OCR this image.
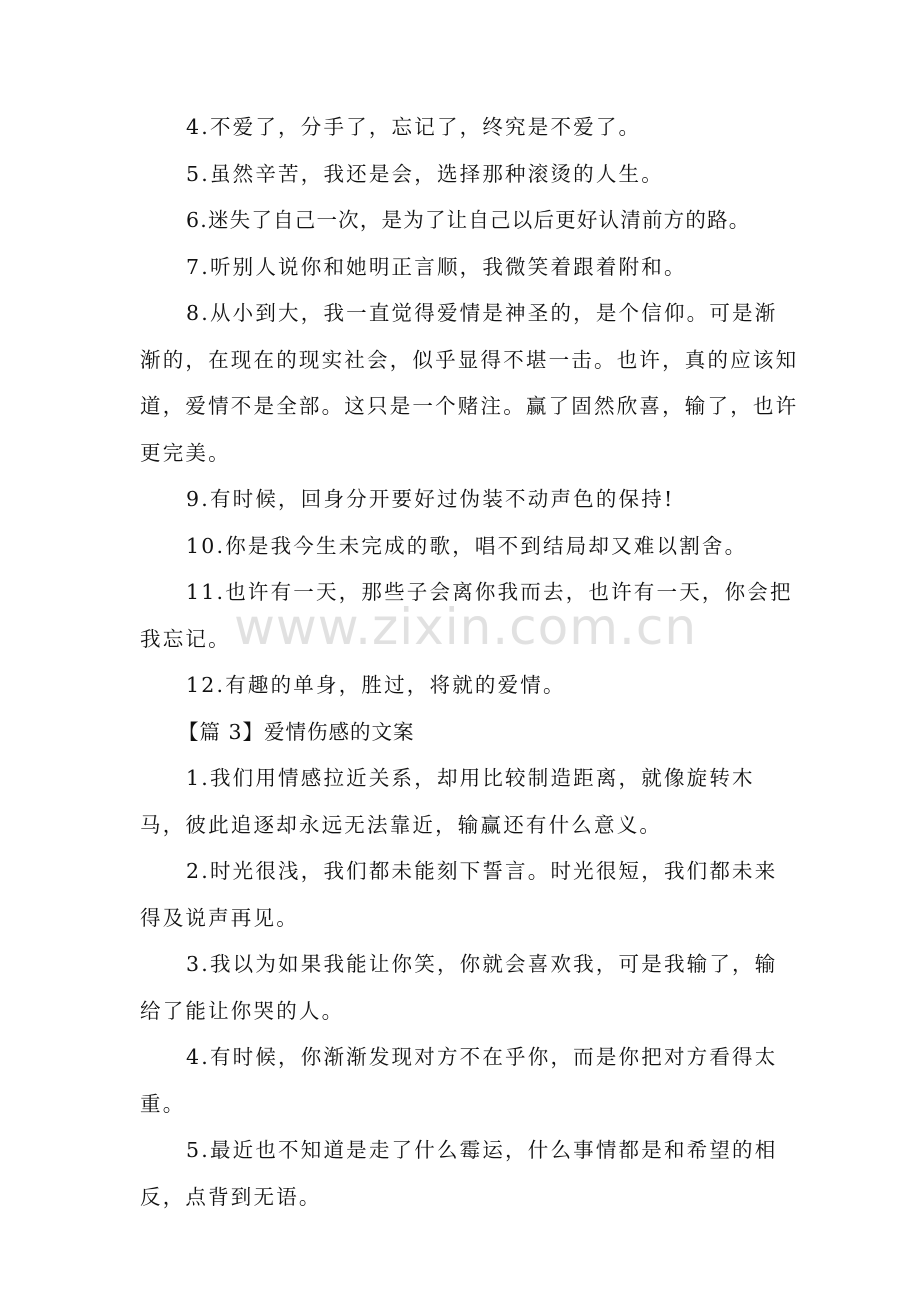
4.不爱了，分手了，忘记了，终究是不爱了。

5.虽然辛苦，我还是会，选择那种滚烫的人生。

6.迷失了自己一次，是为了让自己以后更好认清前方的路。

7.听别人说你和她明正言顺，我微笑着跟着附和。

8.从小到大，我一直觉得爱情是神圣的，是个信仰。可是渐渐的，在现在的现实社会，似乎显得不堪一击。也许，真的应该知道，爱情不是全部。这只是一个赌注。赢了固然欣喜，输了，也许更完美。

9.有时候，回身分开要好过伪装不动声色的保持!

10.你是我今生未完成的歌，唱不到结局却又难以割舍。

11.也许有一天，那些子会离你我而去，也许有一天，你会把我忘记。

12.有趣的单身，胜过，将就的爱情。

【篇 3】爱情伤感的文案

1.我们用情感拉近关系，却用比较制造距离，就像旋转木马，彼此追逐却永远无法靠近，输赢还有什么意义。

2.时光很浅，我们都未能刻下誓言。时光很短，我们都未来得及说声再见。

3.我以为如果我能让你笑，你就会喜欢我，可是我输了，输给了能让你哭的人。

4.有时候，你渐渐发现对方不在乎你，而是你把对方看得太重。

5.最近也不知道是走了什么霉运，什么事情都是和希望的相反，点背到无语。

www.zixin.com.cn
